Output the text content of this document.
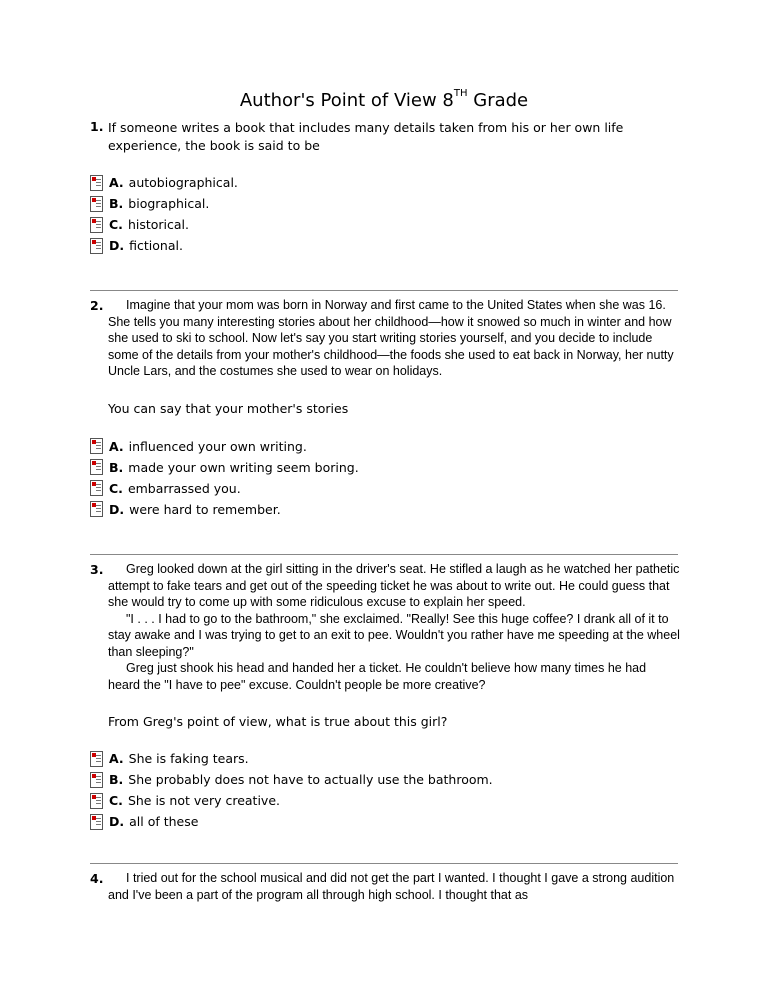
Author's Point of View 8TH Grade
1. If someone writes a book that includes many details taken from his or her own life experience, the book is said to be
A. autobiographical.
B. biographical.
C. historical.
D. fictional.
2.	Imagine that your mom was born in Norway and first came to the United States when she was 16. She tells you many interesting stories about her childhood—how it snowed so much in winter and how she used to ski to school. Now let's say you start writing stories yourself, and you decide to include some of the details from your mother's childhood—the foods she used to eat back in Norway, her nutty Uncle Lars, and the costumes she used to wear on holidays.

You can say that your mother's stories
A. influenced your own writing.
B. made your own writing seem boring.
C. embarrassed you.
D. were hard to remember.
3.	Greg looked down at the girl sitting in the driver's seat. He stifled a laugh as he watched her pathetic attempt to fake tears and get out of the speeding ticket he was about to write out. He could guess that she would try to come up with some ridiculous excuse to explain her speed.

"I . . . I had to go to the bathroom," she exclaimed. "Really! See this huge coffee? I drank all of it to stay awake and I was trying to get to an exit to pee. Wouldn't you rather have me speeding at the wheel than sleeping?"

Greg just shook his head and handed her a ticket. He couldn't believe how many times he had heard the "I have to pee" excuse. Couldn't people be more creative?

From Greg's point of view, what is true about this girl?
A. She is faking tears.
B. She probably does not have to actually use the bathroom.
C. She is not very creative.
D. all of these
4.	I tried out for the school musical and did not get the part I wanted. I thought I gave a strong audition and I've been a part of the program all through high school. I thought that as
